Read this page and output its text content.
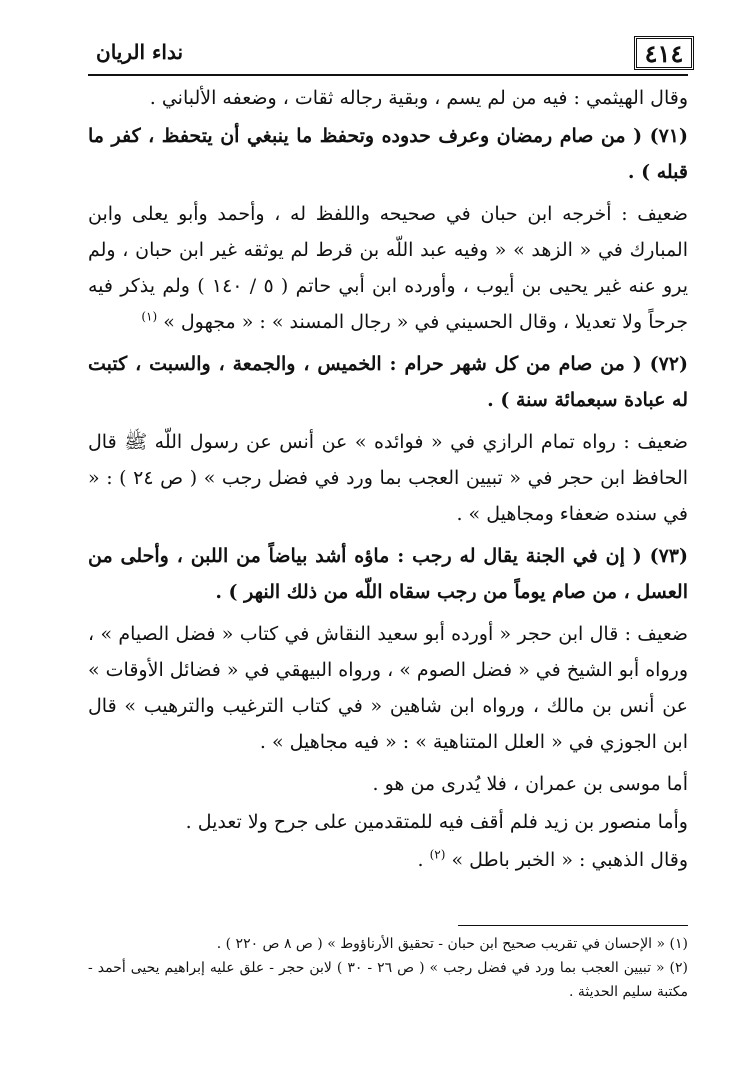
نداء الريان	٤١٤

وقال الهيثمي : فيه من لم يسم ، وبقية رجاله ثقات ، وضعفه الألباني .

(٧١) ( من صام رمضان وعرف حدوده وتحفظ ما ينبغي أن يتحفظ ، كفر ما قبله ) .

ضعيف : أخرجه ابن حبان في صحيحه واللفظ له ، وأحمد وأبو يعلى وابن المبارك في « الزهد » « وفيه عبد اللّه بن قرط لم يوثقه غير ابن حبان ، ولم يرو عنه غير يحيى بن أيوب ، وأورده ابن أبي حاتم ( ٥ / ١٤٠ ) ولم يذكر فيه جرحاً ولا تعديلا ، وقال الحسيني في « رجال المسند » : « مجهول » $^{(١)}$

(٧٢) ( من صام من كل شهر حرام : الخميس ، والجمعة ، والسبت ، كتبت له عبادة سبعمائة سنة ) .

ضعيف : رواه تمام الرازي في « فوائده » عن أنس عن رسول اللّه ﷺ قال الحافظ ابن حجر في « تبيين العجب بما ورد في فضل رجب » ( ص ٢٤ ) : « في سنده ضعفاء ومجاهيل » .

(٧٣) ( إن في الجنة يقال له رجب : ماؤه أشد بياضاً من اللبن ، وأحلى من العسل ، من صام يوماً من رجب سقاه اللّه من ذلك النهر ) .

ضعيف : قال ابن حجر « أورده أبو سعيد النقاش في كتاب « فضل الصيام » ، ورواه أبو الشيخ في « فضل الصوم » ، ورواه البيهقي في « فضائل الأوقات » عن أنس بن مالك ، ورواه ابن شاهين « في كتاب الترغيب والترهيب » قال ابن الجوزي في « العلل المتناهية » : « فيه مجاهيل » .

أما موسى بن عمران ، فلا يُدرى من هو .

وأما منصور بن زيد فلم أقف فيه للمتقدمين على جرح ولا تعديل .

وقال الذهبي : « الخبر باطل » $^{(٢)}$ .

(١) « الإحسان في تقريب صحيح ابن حبان - تحقيق الأرناؤوط » ( ص ٨ ص ٢٢٠ ) .

(٢) « تبيين العجب بما ورد في فضل رجب » ( ص ٢٦ - ٣٠ ) لابن حجر - علق عليه إبراهيم يحيى أحمد - مكتبة سليم الحديثة .
